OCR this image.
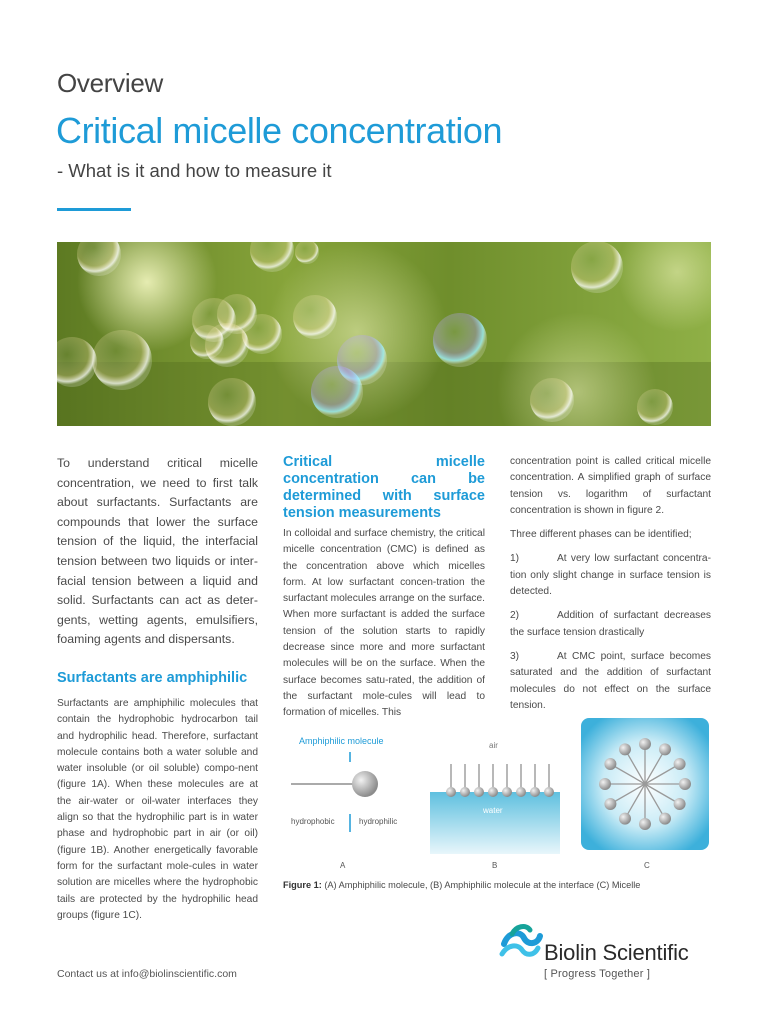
Overview
Critical micelle concentration
- What is it and how to measure it

To understand critical micelle concentration, we need to first talk about surfactants. Surfactants are compounds that lower the surface tension of the liquid, the interfacial tension between two liquids or inter-facial tension between a liquid and solid. Surfactants can act as deter-gents, wetting agents, emulsifiers, foaming agents and dispersants.

Surfactants are amphiphilic

Surfactants are amphiphilic molecules that contain the hydrophobic hydrocarbon tail and hydrophilic head. Therefore, surfactant molecule contains both a water soluble and water insoluble (or oil soluble) compo-nent (figure 1A). When these molecules are at the air-water or oil-water interfaces they align so that the hydrophilic part is in water phase and hydrophobic part in air (or oil) (figure 1B). Another energetically favorable form for the surfactant mole-cules in water solution are micelles where the hydrophobic tails are protected by the hydrophilic head groups (figure 1C).

Critical micelle concentration can be determined with surface tension measurements

In colloidal and surface chemistry, the critical micelle concentration (CMC) is defined as the concentration above which micelles form. At low surfactant concen-tration the surfactant molecules arrange on the surface. When more surfactant is added the surface tension of the solution starts to rapidly decrease since more and more surfactant molecules will be on the surface. When the surface becomes satu-rated, the addition of the surfactant mole-cules will lead to formation of micelles. This

concentration point is called critical micelle concentration. A simplified graph of surface tension vs. logarithm of surfactant concentration is shown in figure 2.

Three different phases can be identified;

1)	At very low surfactant concentra-tion only slight change in surface tension is detected.

2)	Addition of surfactant decreases the surface tension drastically

3)	At CMC point, surface becomes saturated and the addition of surfactant molecules do not effect on the surface tension.

Amphiphilic molecule
hydrophobic	hydrophilic
air
water
A	B	C
Figure 1: (A) Amphiphilic molecule, (B) Amphiphilic molecule at the interface (C) Micelle
Contact us at info@biolinscientific.com
Biolin Scientific
[ Progress Together ]
